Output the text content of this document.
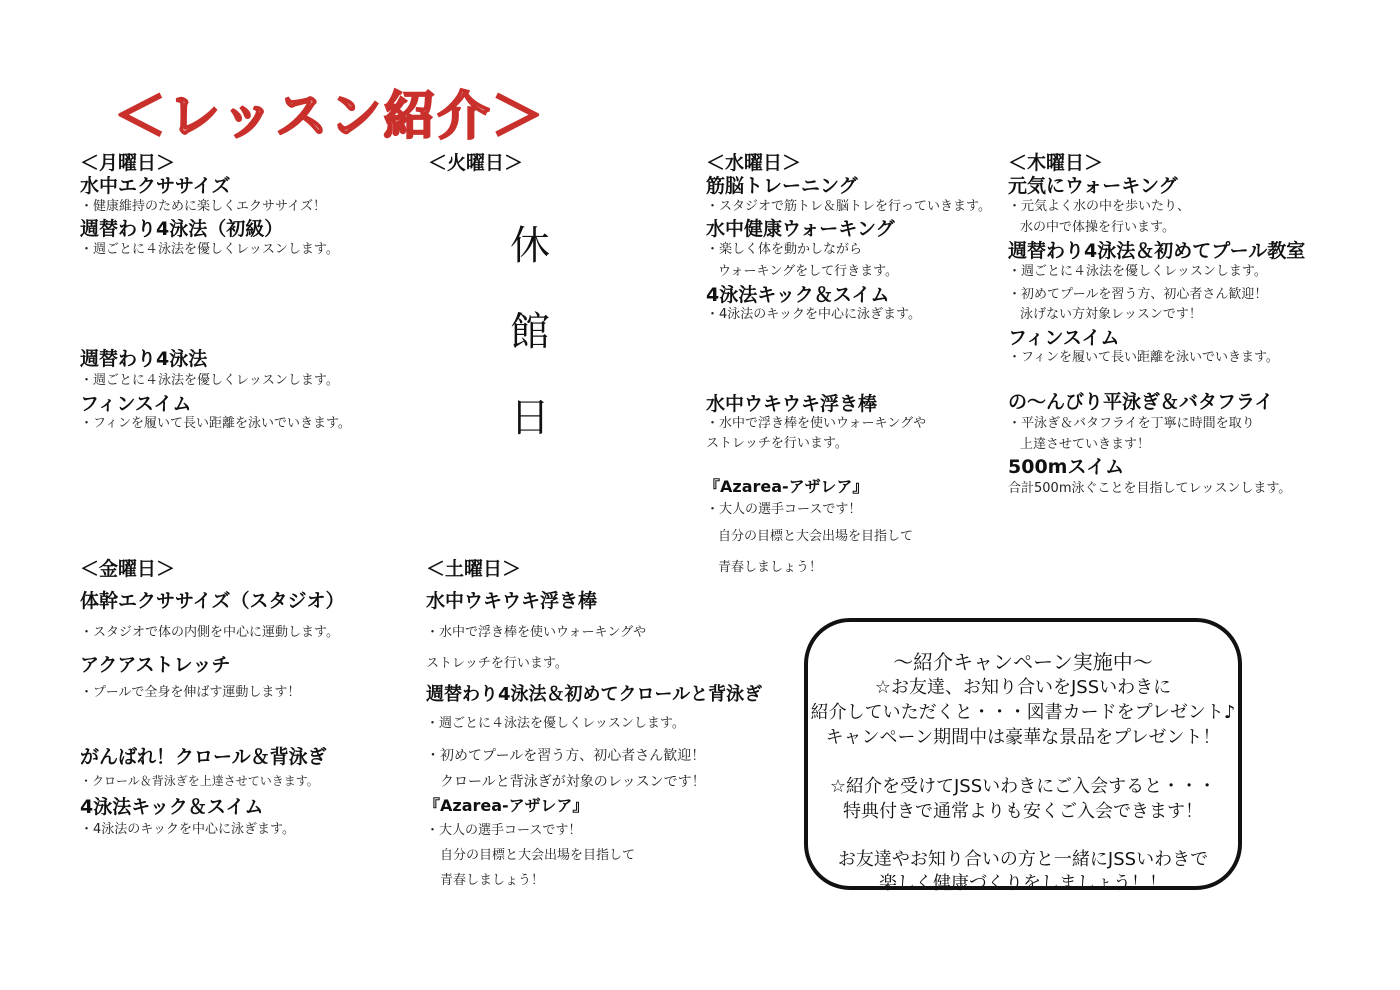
＜レッスン紹介＞
＜月曜日＞
水中エクササイズ
・健康維持のために楽しくエクササイズ！
週替わり4泳法（初級）
・週ごとに４泳法を優しくレッスンします。
週替わり4泳法
・週ごとに４泳法を優しくレッスンします。
フィンスイム
・フィンを履いて長い距離を泳いでいきます。
＜火曜日＞
休
館
日
＜水曜日＞
筋脳トレーニング
・スタジオで筋トレ＆脳トレを行っていきます。
水中健康ウォーキング
・楽しく体を動かしながら
ウォーキングをして行きます。
4泳法キック＆スイム
・4泳法のキックを中心に泳ぎます。
水中ウキウキ浮き棒
・水中で浮き棒を使いウォーキングや
ストレッチを行います。
『Azarea-アザレア』
・大人の選手コースです！
自分の目標と大会出場を目指して
青春しましょう！
＜木曜日＞
元気にウォーキング
・元気よく水の中を歩いたり、
水の中で体操を行います。
週替わり4泳法＆初めてプール教室
・週ごとに４泳法を優しくレッスンします。
・初めてプールを習う方、初心者さん歓迎！
泳げない方対象レッスンです！
フィンスイム
・フィンを履いて長い距離を泳いでいきます。
の～んびり平泳ぎ＆バタフライ
・平泳ぎ＆バタフライを丁寧に時間を取り
上達させていきます！
500mスイム
合計500m泳ぐことを目指してレッスンします。
＜金曜日＞
体幹エクササイズ（スタジオ）
・スタジオで体の内側を中心に運動します。
アクアストレッチ
・プールで全身を伸ばす運動します！
がんばれ！クロール＆背泳ぎ
・クロール＆背泳ぎを上達させていきます。
4泳法キック＆スイム
・4泳法のキックを中心に泳ぎます。
＜土曜日＞
水中ウキウキ浮き棒
・水中で浮き棒を使いウォーキングや
ストレッチを行います。
週替わり4泳法＆初めてクロールと背泳ぎ
・週ごとに４泳法を優しくレッスンします。
・初めてプールを習う方、初心者さん歓迎！
クロールと背泳ぎが対象のレッスンです！
『Azarea-アザレア』
・大人の選手コースです！
自分の目標と大会出場を目指して
青春しましょう！
～紹介キャンペーン実施中～
☆お友達、お知り合いをJSSいわきに
紹介していただくと・・・図書カードをプレゼント♪
キャンペーン期間中は豪華な景品をプレゼント！
☆紹介を受けてJSSいわきにご入会すると・・・
特典付きで通常よりも安くご入会できます！
お友達やお知り合いの方と一緒にJSSいわきで
楽しく健康づくりをしましょう！！
